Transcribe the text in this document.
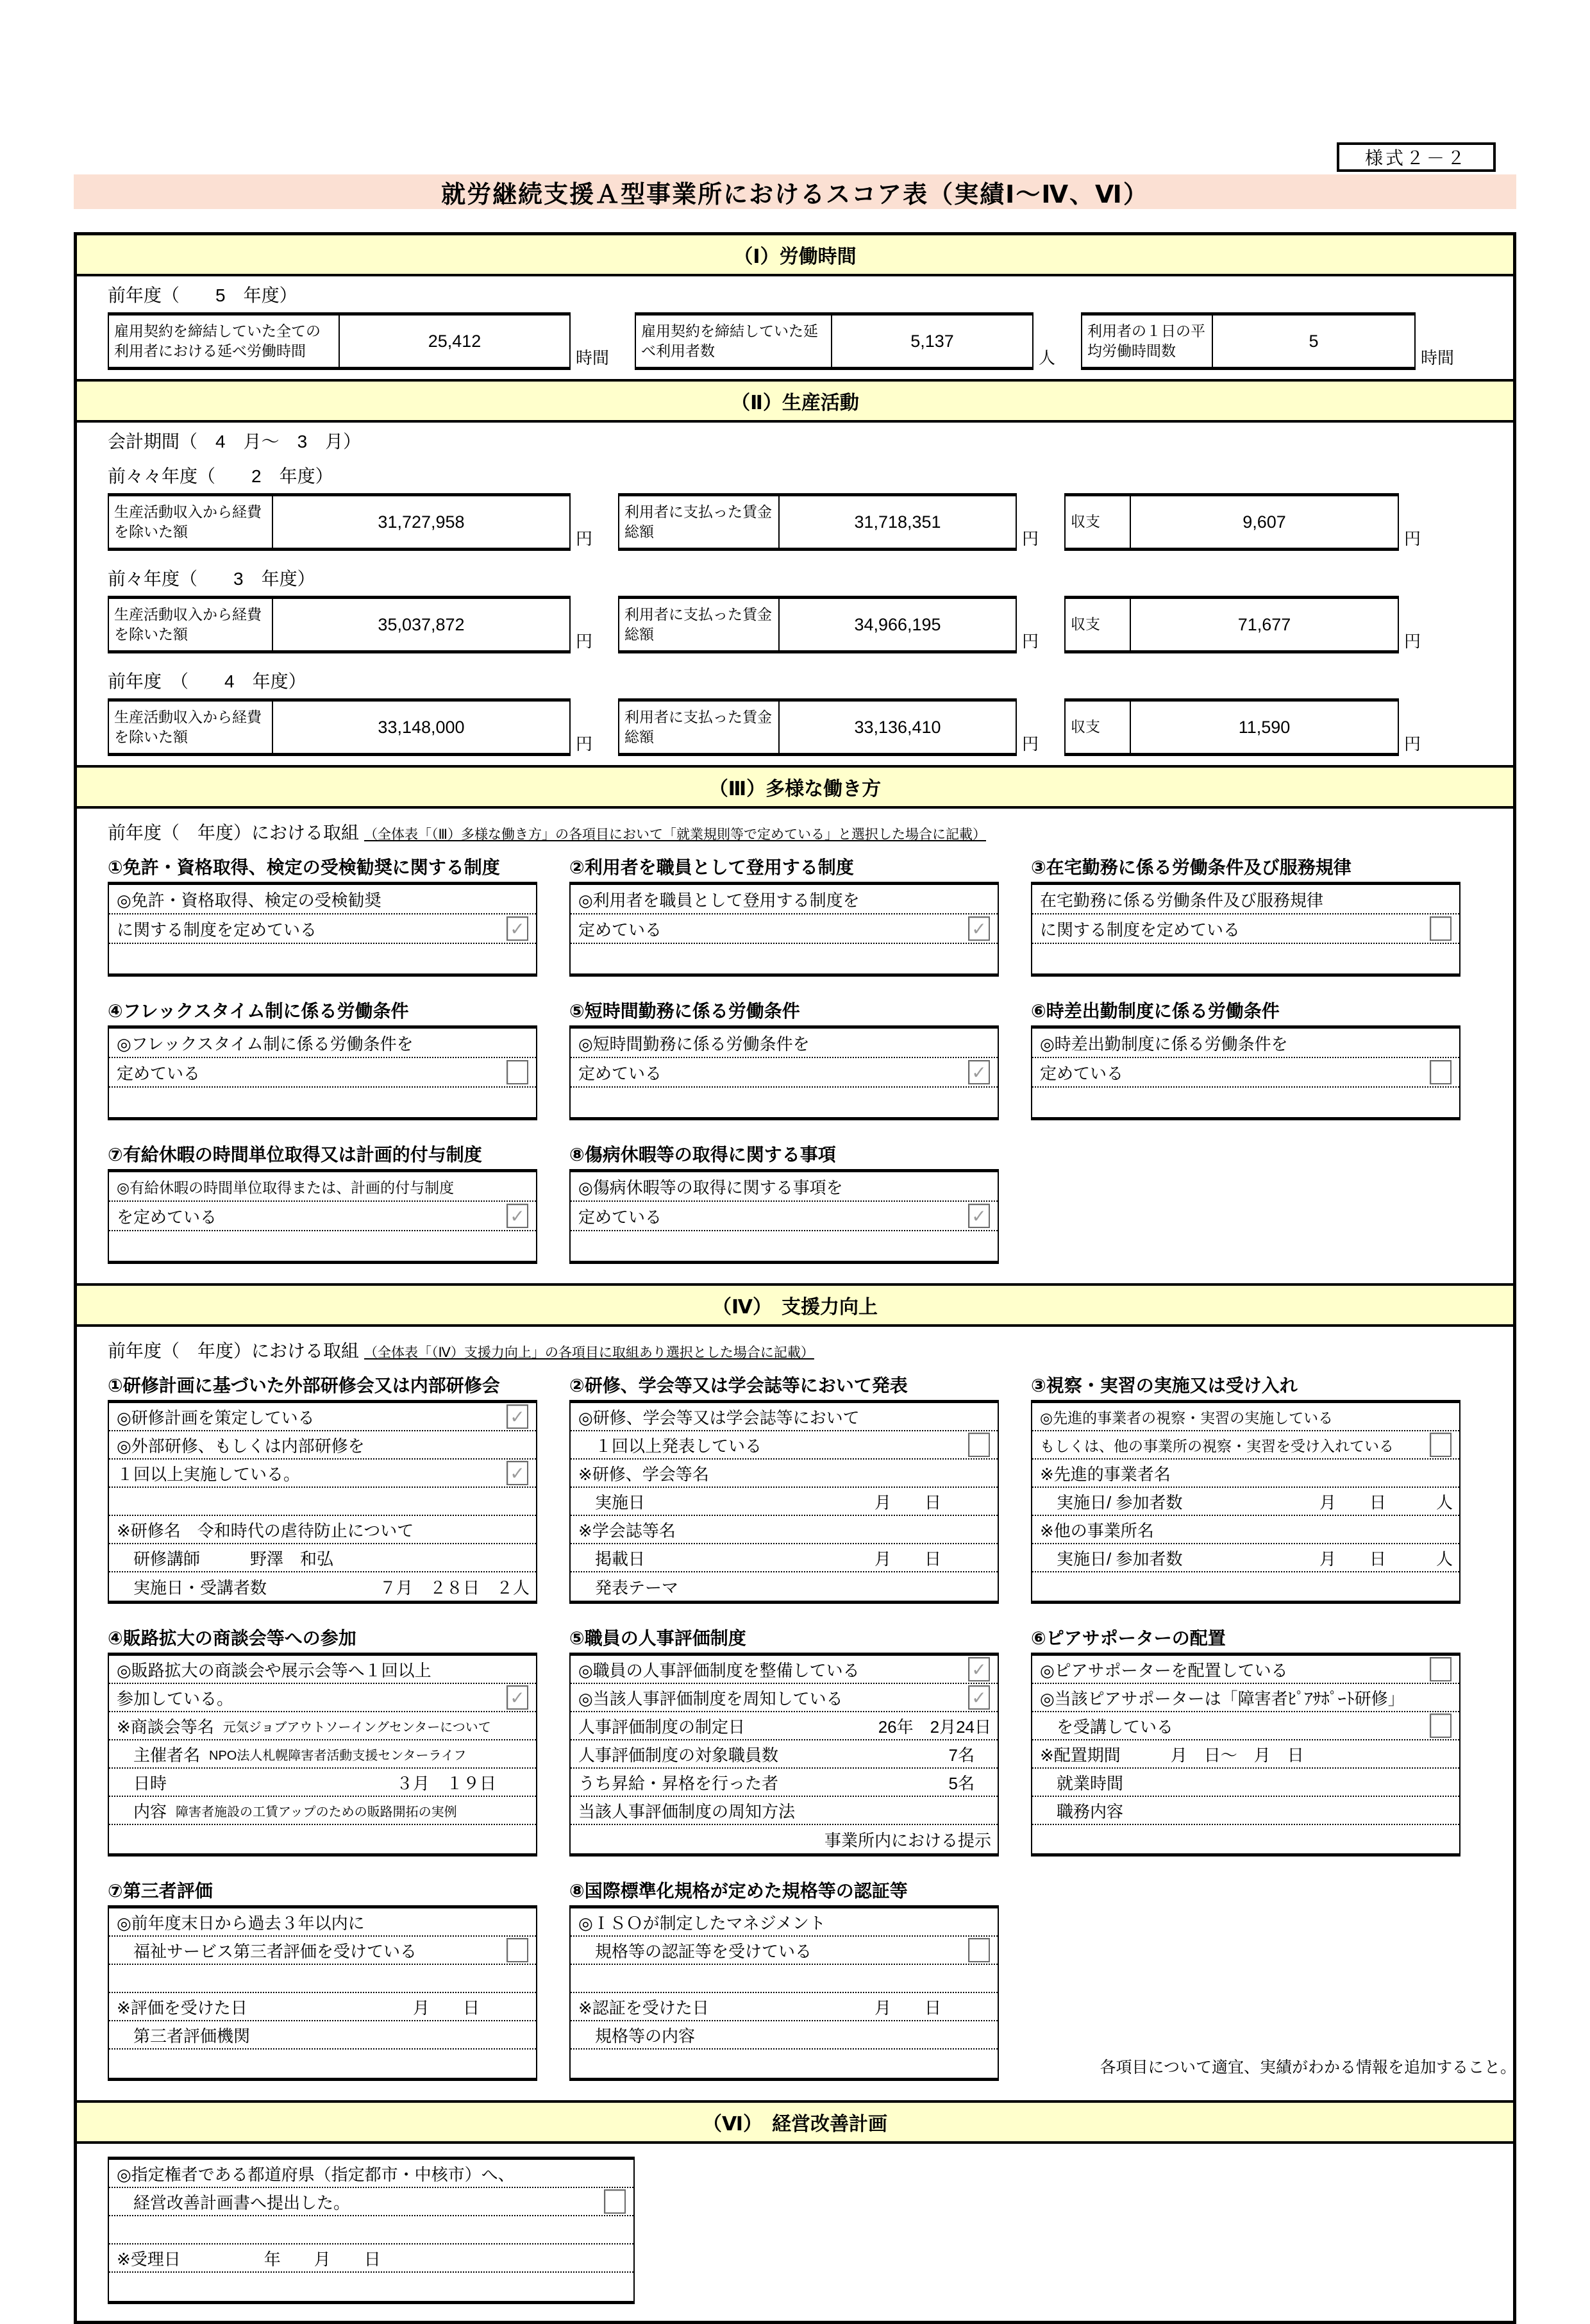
様式２－２
就労継続支援Ａ型事業所におけるスコア表（実績Ⅰ～Ⅳ、Ⅵ）
（Ⅰ）労働時間
前年度（　　5　年度）
雇用契約を締結していた全ての利用者における延べ労働時間
25,412
時間
雇用契約を締結していた延べ利用者数
5,137
人
利用者の１日の平均労働時間数
5
時間
（Ⅱ）生産活動
会計期間（　4　月～　3　月）
前々々年度（　　2　年度）
生産活動収入から経費を除いた額
31,727,958
円
利用者に支払った賃金総額
31,718,351
円
収支	9,607
円
前々年度（　　3　年度）
生産活動収入から経費を除いた額
35,037,872
円
利用者に支払った賃金総額
34,966,195
円
収支	71,677
円
前年度　（　　4　年度）
生産活動収入から経費を除いた額
33,148,000
円
利用者に支払った賃金総額
33,136,410
円
収支	11,590
円
（Ⅲ）多様な働き方
前年度（　年度）における取組 （全体表「（Ⅲ）多様な働き方」の各項目において「就業規則等で定めている」と選択した場合に記載）
①免許・資格取得、検定の受検勧奨に関する制度
◎免許・資格取得、検定の受検勧奨
に関する制度を定めている
✓
②利用者を職員として登用する制度
◎利用者を職員として登用する制度を
定めている
✓
③在宅勤務に係る労働条件及び服務規律
在宅勤務に係る労働条件及び服務規律
に関する制度を定めている
④フレックスタイム制に係る労働条件
◎フレックスタイム制に係る労働条件を
定めている
⑤短時間勤務に係る労働条件
◎短時間勤務に係る労働条件を
定めている
✓
⑥時差出勤制度に係る労働条件
◎時差出勤制度に係る労働条件を
定めている
⑦有給休暇の時間単位取得又は計画的付与制度
◎有給休暇の時間単位取得または、計画的付与制度
を定めている
✓
⑧傷病休暇等の取得に関する事項
◎傷病休暇等の取得に関する事項を
定めている
✓
（Ⅳ）　支援力向上
前年度（　年度）における取組 （全体表「（Ⅳ）支援力向上」の各項目に取組あり選択とした場合に記載）
①研修計画に基づいた外部研修会又は内部研修会
◎研修計画を策定している
✓
◎外部研修、もしくは内部研修を
１回以上実施している。
✓
※研修名　令和時代の虐待防止について
　研修講師　　　野澤　和弘
　実施日・受講者数	７月　２８日　２人
②研修、学会等又は学会誌等において発表
◎研修、学会等又は学会誌等において
　１回以上発表している
※研修、学会等名
　実施日	月　　日　　　
※学会誌等名
　掲載日	月　　日　　　
　発表テーマ
③視察・実習の実施又は受け入れ
◎先進的事業者の視察・実習の実施している
もしくは、他の事業所の視察・実習を受け入れている
※先進的事業者名
　実施日/ 参加者数	月　　日　　　人
※他の事業所名
　実施日/ 参加者数	月　　日　　　人
④販路拡大の商談会等への参加
◎販路拡大の商談会や展示会等へ１回以上
参加している。
✓
※商談会等名 元気ジョブアウトソーイングセンターについて
　主催者名 NPO法人札幌障害者活動支援センターライフ
　日時	３月　１９日　　
　内容 障害者施設の工賃アップのための販路開拓の実例
⑤職員の人事評価制度
◎職員の人事評価制度を整備している
✓
◎当該人事評価制度を周知している
✓
人事評価制度の制定日	26年　2月24日
人事評価制度の対象職員数	7名　
うち昇給・昇格を行った者	5名　
当該人事評価制度の周知方法
事業所内における提示
⑥ピアサポーターの配置
◎ピアサポーターを配置している
◎当該ピアサポーターは「障害者ﾋﾟｱｻﾎﾟｰﾄ研修」
　を受講している
※配置期間　　　月　日～　月　日
　就業時間
　職務内容
⑦第三者評価
◎前年度末日から過去３年以内に
　福祉サービス第三者評価を受けている
※評価を受けた日	月　　日　　　
　第三者評価機関
⑧国際標準化規格が定めた規格等の認証等
◎ＩＳＯが制定したマネジメント
　規格等の認証等を受けている
※認証を受けた日	月　　日　　　
　規格等の内容
（Ⅵ）　経営改善計画
◎指定権者である都道府県（指定都市・中核市）へ、
　経営改善計画書へ提出した。
※受理日　　　　　年　　月　　日
各項目について適宜、実績がわかる情報を追加すること。
